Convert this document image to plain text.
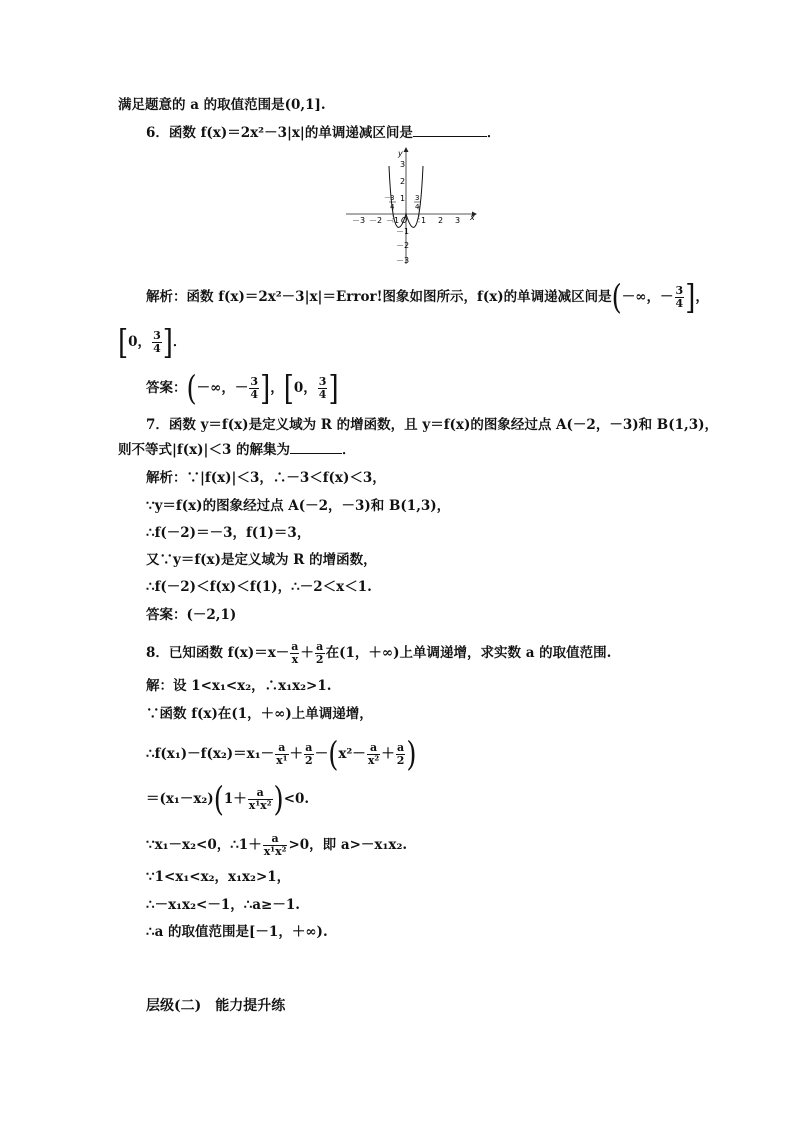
满足题意的 a 的取值范围是(0,1].
6．函数 f(x)＝2x²－3|x|的单调递减区间是	．
x
y
－3 －2 －1 O 1 2 3
3
2
1
－1
－2
－3
－ 3
4
3
4
解析：函数 f(x)＝2x²－3|x|＝Error!图象如图所示，f(x)的单调递减区间是(－∞，－ $\frac{3}{4}$ ]，
[0， $\frac{3}{4}$ ]．
答案：(－∞，－ $\frac{3}{4}$ ]，[0， $\frac{3}{4}$ ]
7．函数 y＝f(x)是定义域为 R 的增函数，且 y＝f(x)的图象经过点 A(－2，－3)和 B(1,3)，
则不等式|f(x)|＜3 的解集为	．
解析：∵|f(x)|＜3，∴－3＜f(x)＜3，
∵y＝f(x)的图象经过点 A(－2，－3)和 B(1,3)，
∴f(－2)＝－3，f(1)＝3，
又∵y＝f(x)是定义域为 R 的增函数，
∴f(－2)＜f(x)＜f(1)，∴－2＜x＜1.
答案：(－2,1)
8．已知函数 $f(x)=x- \frac{a}{x} + \frac{a}{2}$ 在(1，＋∞)上单调递增，求实数 a 的取值范围.
解：设 1<x₁<x₂，∴x₁x₂>1.
∵函数 f(x)在(1，＋∞)上单调递增，
∴f(x₁)－f(x₂)＝x₁－ $\frac{a}{\text{x¹}} + \frac{a}{2} -(x^2- \frac{a}{\text{x²}} + \frac{a}{2}$ )
$=(x_1-x_2)(1+ \frac{a}{\text{x¹x²}} )<0$.
∵x₁－x₂<0，∴1＋ $\frac{a}{\text{x¹x²}} >0$，即 a>－x₁x₂.
∵1<x₁<x₂，x₁x₂>1，
∴－x₁x₂<－1，∴a≥－1.
∴a 的取值范围是[－1，＋∞).
层级(二)　能力提升练
